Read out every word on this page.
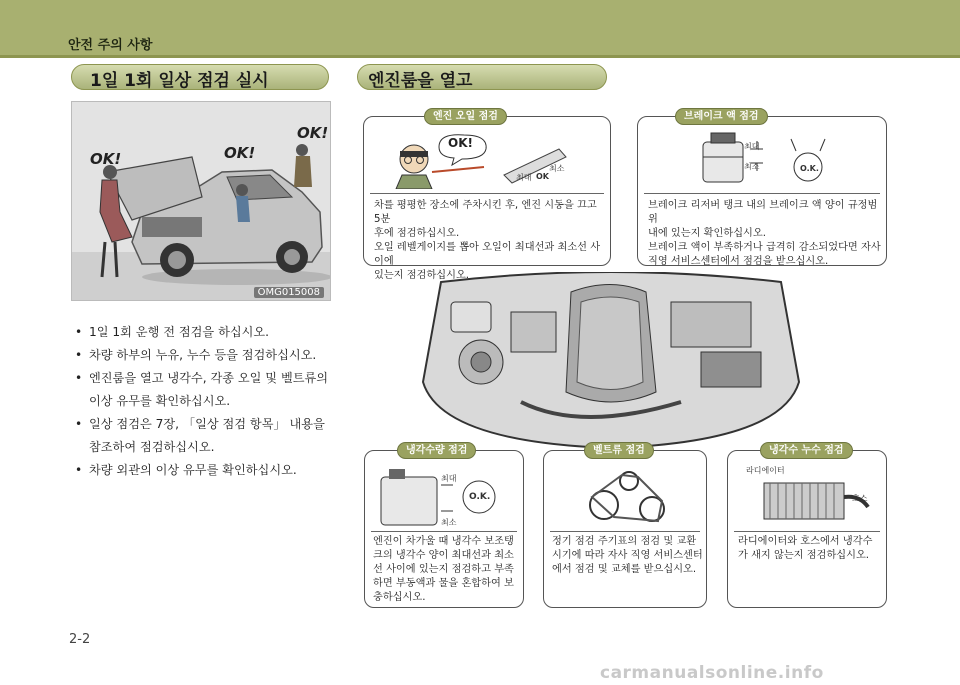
안전 주의 사항
1일 1회 일상 점검 실시
OK!	OK!
OK!
OMG015008
• 1일 1회 운행 전 점검을 하십시오.
• 차량 하부의 누유, 누수 등을 점검하십시오.
• 엔진룸을 열고 냉각수, 각종 오일 및 벨트류의 이상 유무를 확인하십시오.
• 일상 점검은 7장, 「일상 점검 항목」 내용을 참조하여 점검하십시오.
• 차량 외관의 이상 유무를 확인하십시오.
엔진룸을 열고
엔진 오일 점검
OK!
최대
최소
OK
차를 평평한 장소에 주차시킨 후, 엔진 시동을 끄고 5분
후에 점검하십시오.
오일 레벨게이지를 뽑아 오일이 최대선과 최소선 사이에
있는지 점검하십시오.
브레이크 액 점검
최대
최소	O.K.
브레이크 리저버 탱크 내의 브레이크 액 양이 규정범위
내에 있는지 확인하십시오.
브레이크 액이 부족하거나 급격히 감소되었다면 자사
직영 서비스센터에서 점검을 받으십시오.
냉각수량 점검
최대
최소
O.K.
엔진이 차가울 때 냉각수 보조탱
크의 냉각수 양이 최대선과 최소
선 사이에 있는지 점검하고 부족
하면 부동액과 물을 혼합하여 보
충하십시오.
벨트류 점검
정기 점검 주기표의 점검 및 교환
시기에 따라 자사 직영 서비스센터
에서 점검 및 교체를 받으십시오.
냉각수 누수 점검
라디에이터
호스
라디에이터와 호스에서 냉각수
가 새지 않는지 점검하십시오.
2-2
carmanualsonline.info
